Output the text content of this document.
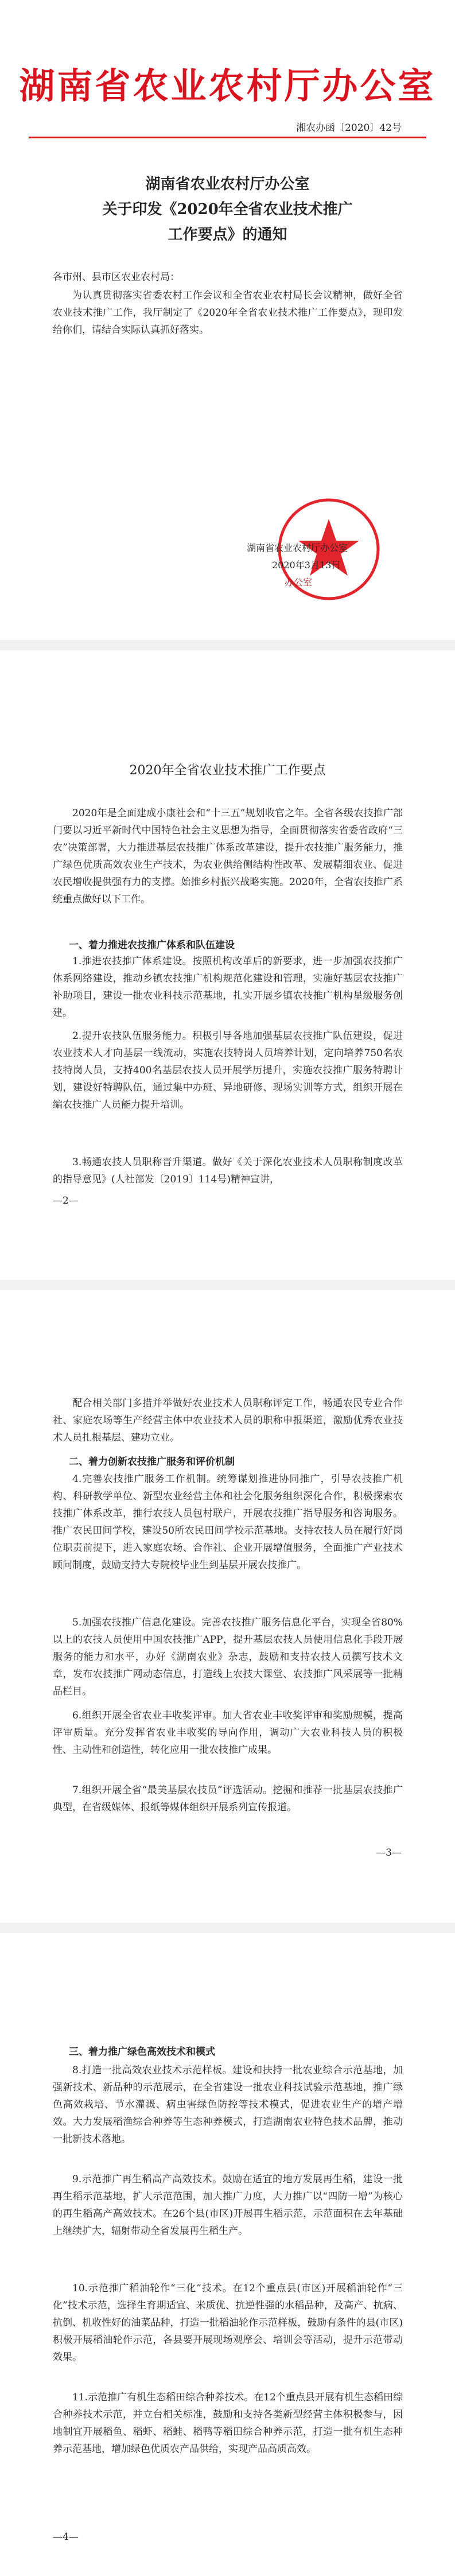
湖南省农业农村厅办公室
湘农办函〔2020〕42号
湖南省农业农村厅办公室
关于印发《2020年全省农业技术推广
工作要点》的通知
各市州、县市区农业农村局：
为认真贯彻落实省委农村工作会议和全省农业农村局长会议精神，做好全省农业技术推广工作，我厅制定了《2020年全省农业技术推广工作要点》，现印发给你们，请结合实际认真抓好落实。
湖南省农业农村厅办公室
办公室
2020年3月13日
2020年全省农业技术推广工作要点
2020年是全面建成小康社会和“十三五”规划收官之年。全省各级农技推广部门要以习近平新时代中国特色社会主义思想为指导，全面贯彻落实省委省政府“三农”决策部署，大力推进基层农技推广体系改革建设，提升农技推广服务能力，推广绿色优质高效农业生产技术，为农业供给侧结构性改革、发展精细农业、促进农民增收提供强有力的支撑。始推乡村振兴战略实施。2020年，全省农技推广系统重点做好以下工作。
一、着力推进农技推广体系和队伍建设
1.推进农技推广体系建设。按照机构改革后的新要求，进一步加强农技推广体系网络建设，推动乡镇农技推广机构规范化建设和管理，实施好基层农技推广补助项目，建设一批农业科技示范基地，扎实开展乡镇农技推广机构星级服务创建。
2.提升农技队伍服务能力。积极引导各地加强基层农技推广队伍建设，促进农业技术人才向基层一线流动，实施农技特岗人员培养计划，定向培养750名农技特岗人员，支持400名基层农技人员开展学历提升，实施农技推广服务特聘计划，建设好特聘队伍，通过集中办班、异地研修、现场实训等方式，组织开展在编农技推广人员能力提升培训。
3.畅通农技人员职称晋升渠道。做好《关于深化农业技术人员职称制度改革的指导意见》(人社部发〔2019〕114号)精神宣讲，
—2—
配合相关部门多措并举做好农业技术人员职称评定工作，畅通农民专业合作社、家庭农场等生产经营主体中农业技术人员的职称申报渠道，激励优秀农业技术人员扎根基层、建功立业。
二、着力创新农技推广服务和评价机制
4.完善农技推广服务工作机制。统筹谋划推进协同推广，引导农技推广机构、科研教学单位、新型农业经营主体和社会化服务组织深化合作，积极探索农技推广体系改革，推行农技人员包村联户，开展农技推广指导服务和咨询服务。推广农民田间学校，建设50所农民田间学校示范基地。支持农技人员在履行好岗位职责前提下，进入家庭农场、合作社、企业开展增值服务，全面推广产业技术顾问制度，鼓励支持大专院校毕业生到基层开展农技推广。
5.加强农技推广信息化建设。完善农技推广服务信息化平台，实现全省80%以上的农技人员使用中国农技推广APP，提升基层农技人员使用信息化手段开展服务的能力和水平，办好《湖南农业》杂志，鼓励和支持农技人员撰写技术文章，发布农技推广网动态信息，打造线上农技大课堂、农技推广风采展等一批精品栏目。
6.组织开展全省农业丰收奖评审。加大省农业丰收奖评审和奖励规模，提高评审质量。充分发挥省农业丰收奖的导向作用，调动广大农业科技人员的积极性、主动性和创造性，转化应用一批农技推广成果。
7.组织开展全省“最美基层农技员”评选活动。挖掘和推荐一批基层农技推广典型，在省级媒体、报纸等媒体组织开展系列宣传报道。
—3—
三、着力推广绿色高效技术和模式
8.打造一批高效农业技术示范样板。建设和扶持一批农业综合示范基地，加强新技术、新品种的示范展示，在全省建设一批农业科技试验示范基地，推广绿色高效栽培、节水灌溉、病虫害绿色防控等技术模式，促进农业生产的增产增效。大力发展稻渔综合种养等生态种养模式，打造湖南农业特色技术品牌，推动一批新技术落地。
9.示范推广再生稻高产高效技术。鼓励在适宜的地方发展再生稻，建设一批再生稻示范基地，扩大示范范围，加大推广力度，大力推广以“四防一增”为核心的再生稻高产高效技术。在26个县(市区)开展再生稻示范，示范面积在去年基础上继续扩大，辐射带动全省发展再生稻生产。
10.示范推广稻油轮作“三化”技术。在12个重点县(市区)开展稻油轮作“三化”技术示范，选择生育期适宜、米质优、抗逆性强的水稻品种，及高产、抗病、抗倒、机收性好的油菜品种，打造一批稻油轮作示范样板，鼓励有条件的县(市区)积极开展稻油轮作示范，各县要开展现场观摩会、培训会等活动，提升示范带动效果。
11.示范推广有机生态稻田综合种养技术。在12个重点县开展有机生态稻田综合种养技术示范，并立台相关标准，鼓励和支持各类新型经营主体积极参与，因地制宜开展稻鱼、稻虾、稻蛙、稻鸭等稻田综合种养示范，打造一批有机生态种养示范基地，增加绿色优质农产品供给，实现产品高质高效。
—4—
